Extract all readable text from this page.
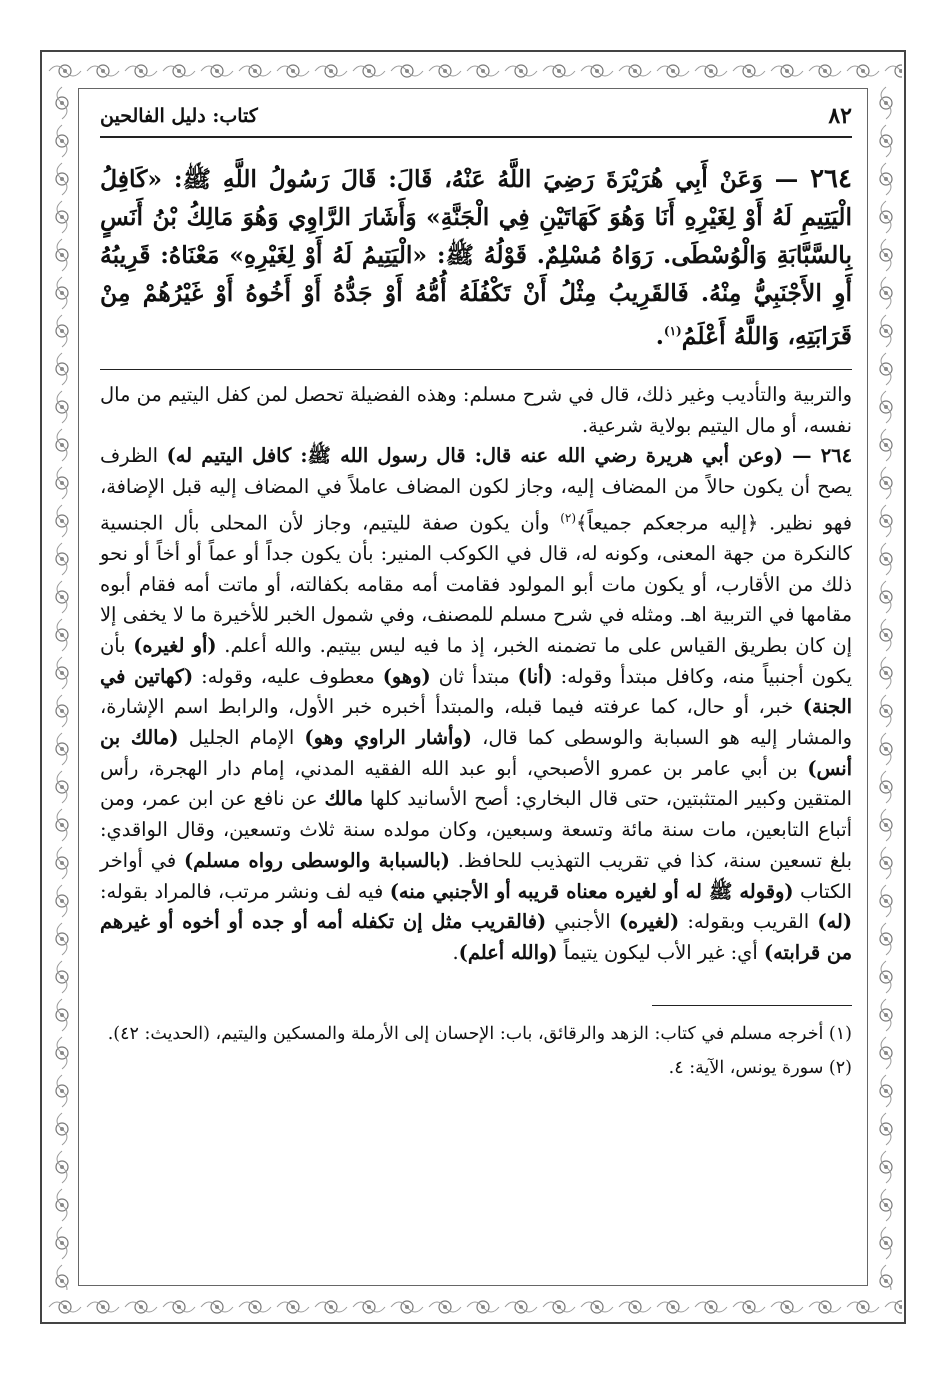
٨٢
كتاب: دليل الفالحين
٢٦٤ — وَعَنْ أَبِي هُرَيْرَةَ رَضِيَ اللَّهُ عَنْهُ، قَالَ: قَالَ رَسُولُ اللَّهِ ﷺ: «كَافِلُ الْيَتِيمِ لَهُ أَوْ لِغَيْرِهِ أَنَا وَهُوَ كَهَاتَيْنِ فِي الْجَنَّةِ» وَأَشَارَ الرَّاوِي وَهُوَ مَالِكُ بْنُ أَنَسٍ بِالسَّبَّابَةِ وَالْوُسْطَى. رَوَاهُ مُسْلِمٌ. قَوْلُهُ ﷺ: «الْيَتِيمُ لَهُ أَوْ لِغَيْرِهِ» مَعْنَاهُ: قَرِيبُهُ أَوِ الأَجْنَبِيُّ مِنْهُ. فَالقَرِيبُ مِثْلُ أَنْ تَكْفُلَهُ أُمُّهُ أَوْ جَدُّهُ أَوْ أَخُوهُ أَوْ غَيْرُهُمْ مِنْ قَرَابَتِهِ، وَاللَّهُ أَعْلَمُ$^{(١)}$.

والتربية والتأديب وغير ذلك، قال في شرح مسلم: وهذه الفضيلة تحصل لمن كفل اليتيم من مال نفسه، أو مال اليتيم بولاية شرعية.

٢٦٤ — (وعن أبي هريرة رضي الله عنه قال: قال رسول الله ﷺ: كافل اليتيم له) الظرف يصح أن يكون حالاً من المضاف إليه، وجاز لكون المضاف عاملاً في المضاف إليه قبل الإضافة، فهو نظير. ﴿إليه مرجعكم جميعاً﴾$^{(٢)}$ وأن يكون صفة لليتيم، وجاز لأن المحلى بأل الجنسية كالنكرة من جهة المعنى، وكونه له، قال في الكوكب المنير: بأن يكون جداً أو عماً أو أخاً أو نحو ذلك من الأقارب، أو يكون مات أبو المولود فقامت أمه مقامه بكفالته، أو ماتت أمه فقام أبوه مقامها في التربية اهـ. ومثله في شرح مسلم للمصنف، وفي شمول الخبر للأخيرة ما لا يخفى إلا إن كان بطريق القياس على ما تضمنه الخبر، إذ ما فيه ليس بيتيم. والله أعلم. (أو لغيره) بأن يكون أجنبياً منه، وكافل مبتدأ وقوله: (أنا) مبتدأ ثان (وهو) معطوف عليه، وقوله: (كهاتين في الجنة) خبر، أو حال، كما عرفته فيما قبله، والمبتدأ أخبره خبر الأول، والرابط اسم الإشارة، والمشار إليه هو السبابة والوسطى كما قال، (وأشار الراوي وهو) الإمام الجليل (مالك بن أنس) بن أبي عامر بن عمرو الأصبحي، أبو عبد الله الفقيه المدني، إمام دار الهجرة، رأس المتقين وكبير المتثبتين، حتى قال البخاري: أصح الأسانيد كلها مالك عن نافع عن ابن عمر، ومن أتباع التابعين، مات سنة مائة وتسعة وسبعين، وكان مولده سنة ثلاث وتسعين، وقال الواقدي: بلغ تسعين سنة، كذا في تقريب التهذيب للحافظ. (بالسبابة والوسطى رواه مسلم) في أواخر الكتاب (وقوله ﷺ له أو لغيره معناه قريبه أو الأجنبي منه) فيه لف ونشر مرتب، فالمراد بقوله: (له) القريب وبقوله: (لغيره) الأجنبي (فالقريب مثل إن تكفله أمه أو جده أو أخوه أو غيرهم من قرابته) أي: غير الأب ليكون يتيماً (والله أعلم).

(١) أخرجه مسلم في كتاب: الزهد والرقائق، باب: الإحسان إلى الأرملة والمسكين واليتيم، (الحديث: ٤٢).

(٢) سورة يونس، الآية: ٤.
